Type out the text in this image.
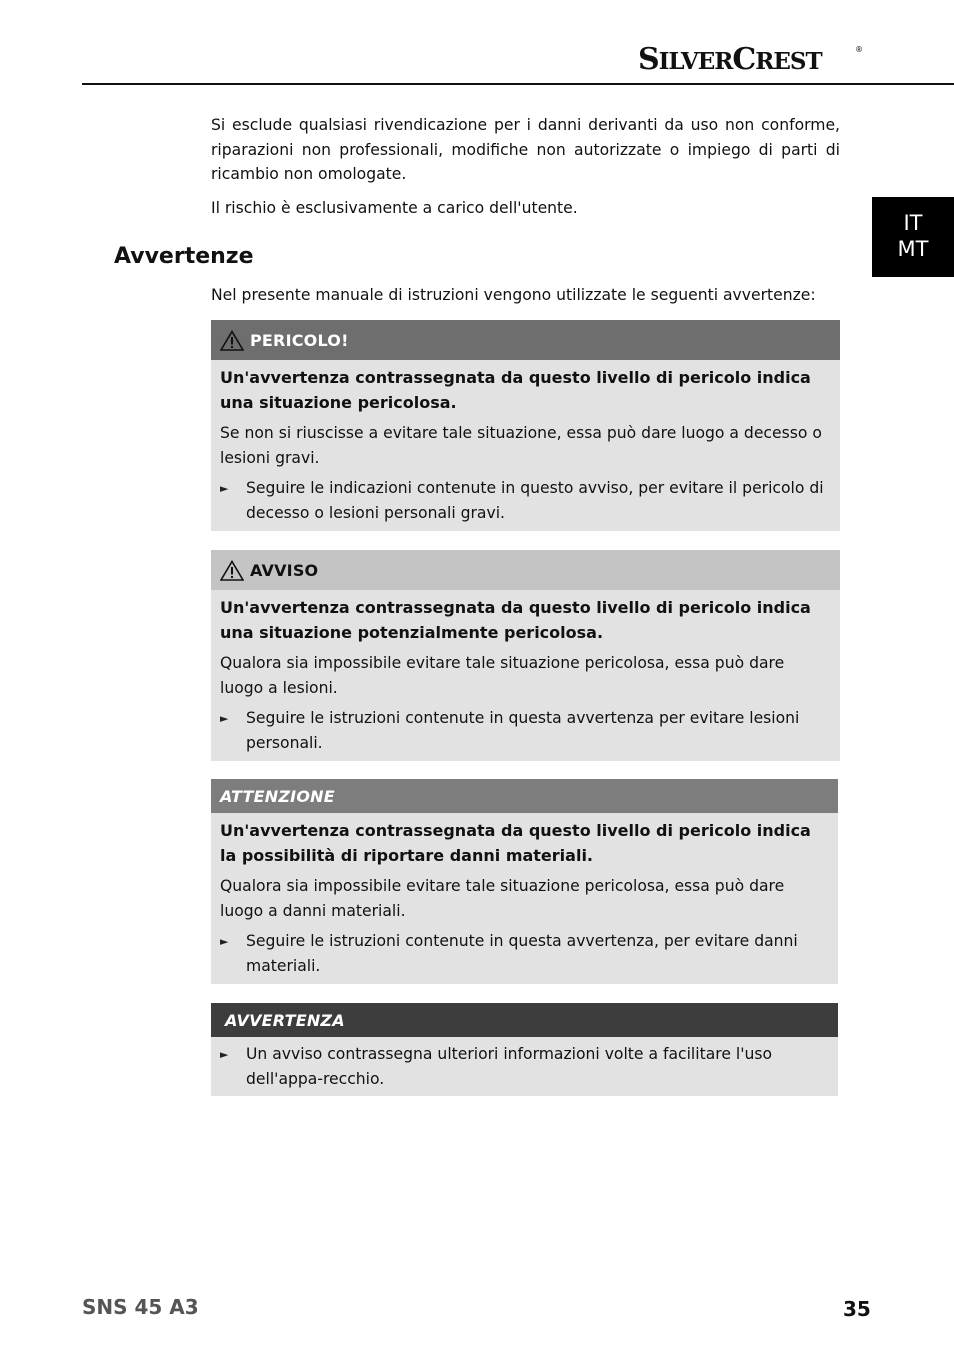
SILVERCREST	®
IT
MT

Si esclude qualsiasi rivendicazione per i danni derivanti da uso non conforme, riparazioni non professionali, modifiche non autorizzate o impiego di parti di ricambio non omologate.

Il rischio è esclusivamente a carico dell'utente.

Avvertenze

Nel presente manuale di istruzioni vengono utilizzate le seguenti avvertenze:

PERICOLO!

Un'avvertenza contrassegnata da questo livello di pericolo indica una situazione pericolosa.

Se non si riuscisse a evitare tale situazione, essa può dare luogo a decesso o lesioni gravi.

►	Seguire le indicazioni contenute in questo avviso, per evitare il pericolo di decesso o lesioni personali gravi.
AVVISO

Un'avvertenza contrassegnata da questo livello di pericolo indica una situazione potenzialmente pericolosa.

Qualora sia impossibile evitare tale situazione pericolosa, essa può dare luogo a lesioni.

►	Seguire le istruzioni contenute in questa avvertenza per evitare lesioni personali.
ATTENZIONE

Un'avvertenza contrassegnata da questo livello di pericolo indica la possibilità di riportare danni materiali.

Qualora sia impossibile evitare tale situazione pericolosa, essa può dare luogo a danni materiali.

►	Seguire le istruzioni contenute in questa avvertenza, per evitare danni materiali.
AVVERTENZA
►	Un avviso contrassegna ulteriori informazioni volte a facilitare l'uso dell'appa-recchio.
SNS 45 A3	35
